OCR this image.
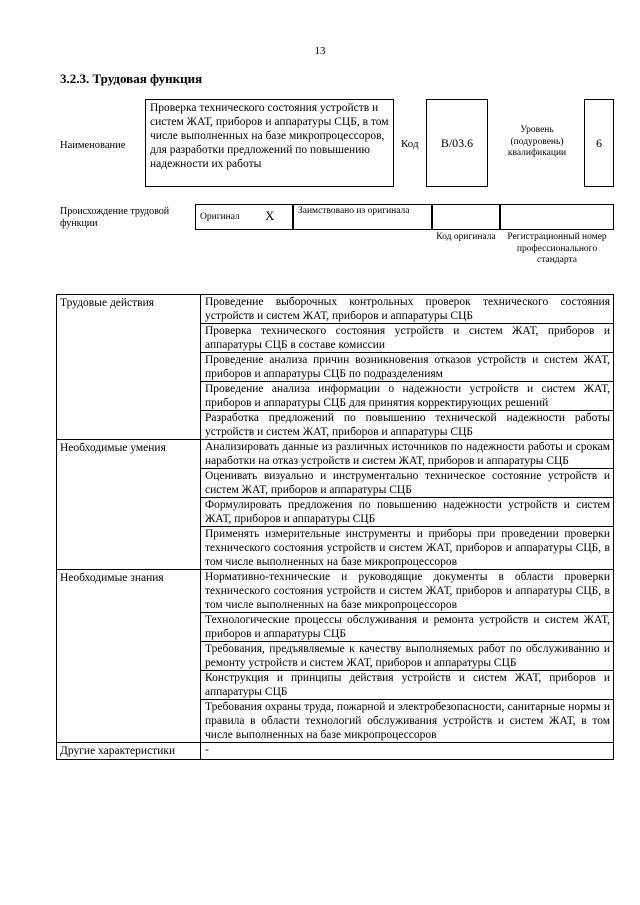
13
3.2.3. Трудовая функция
Наименование
Проверка технического состояния устройств и систем ЖАТ, приборов и аппаратуры СЦБ, в том числе выполненных на базе микропроцессоров, для разработки предложений по повышению надежности их работы
Код	B/03.6
Уровень (подуровень) квалификации
6
Происхождение трудовой функции
Оригинал X Заимствовано из оригинала
Код оригинала	Регистрационный номер профессионального стандарта
Трудовые действия	Проведение выборочных контрольных проверок технического состояния устройств и систем ЖАТ, приборов и аппаратуры СЦБ
	Проверка технического состояния устройств и систем ЖАТ, приборов и аппаратуры СЦБ в составе комиссии
	Проведение анализа причин возникновения отказов устройств и систем ЖАТ, приборов и аппаратуры СЦБ по подразделениям
	Проведение анализа информации о надежности устройств и систем ЖАТ, приборов и аппаратуры СЦБ для принятия корректирующих решений
	Разработка предложений по повышению технической надежности работы устройств и систем ЖАТ, приборов и аппаратуры СЦБ
Необходимые умения	Анализировать данные из различных источников по надежности работы и срокам наработки на отказ устройств и систем ЖАТ, приборов и аппаратуры СЦБ
	Оценивать визуально и инструментально техническое состояние устройств и систем ЖАТ, приборов и аппаратуры СЦБ
	Формулировать предложения по повышению надежности устройств и систем ЖАТ, приборов и аппаратуры СЦБ
	Применять измерительные инструменты и приборы при проведении проверки технического состояния устройств и систем ЖАТ, приборов и аппаратуры СЦБ, в том числе выполненных на базе микропроцессоров
Необходимые знания	Нормативно-технические и руководящие документы в области проверки технического состояния устройств и систем ЖАТ, приборов и аппаратуры СЦБ, в том числе выполненных на базе микропроцессоров
	Технологические процессы обслуживания и ремонта устройств и систем ЖАТ, приборов и аппаратуры СЦБ
	Требования, предъявляемые к качеству выполняемых работ по обслуживанию и ремонту устройств и систем ЖАТ, приборов и аппаратуры СЦБ
	Конструкция и принципы действия устройств и систем ЖАТ, приборов и аппаратуры СЦБ
	Требования охраны труда, пожарной и электробезопасности, санитарные нормы и правила в области технологий обслуживания устройств и систем ЖАТ, в том числе выполненных на базе микропроцессоров
Другие характеристики	-
